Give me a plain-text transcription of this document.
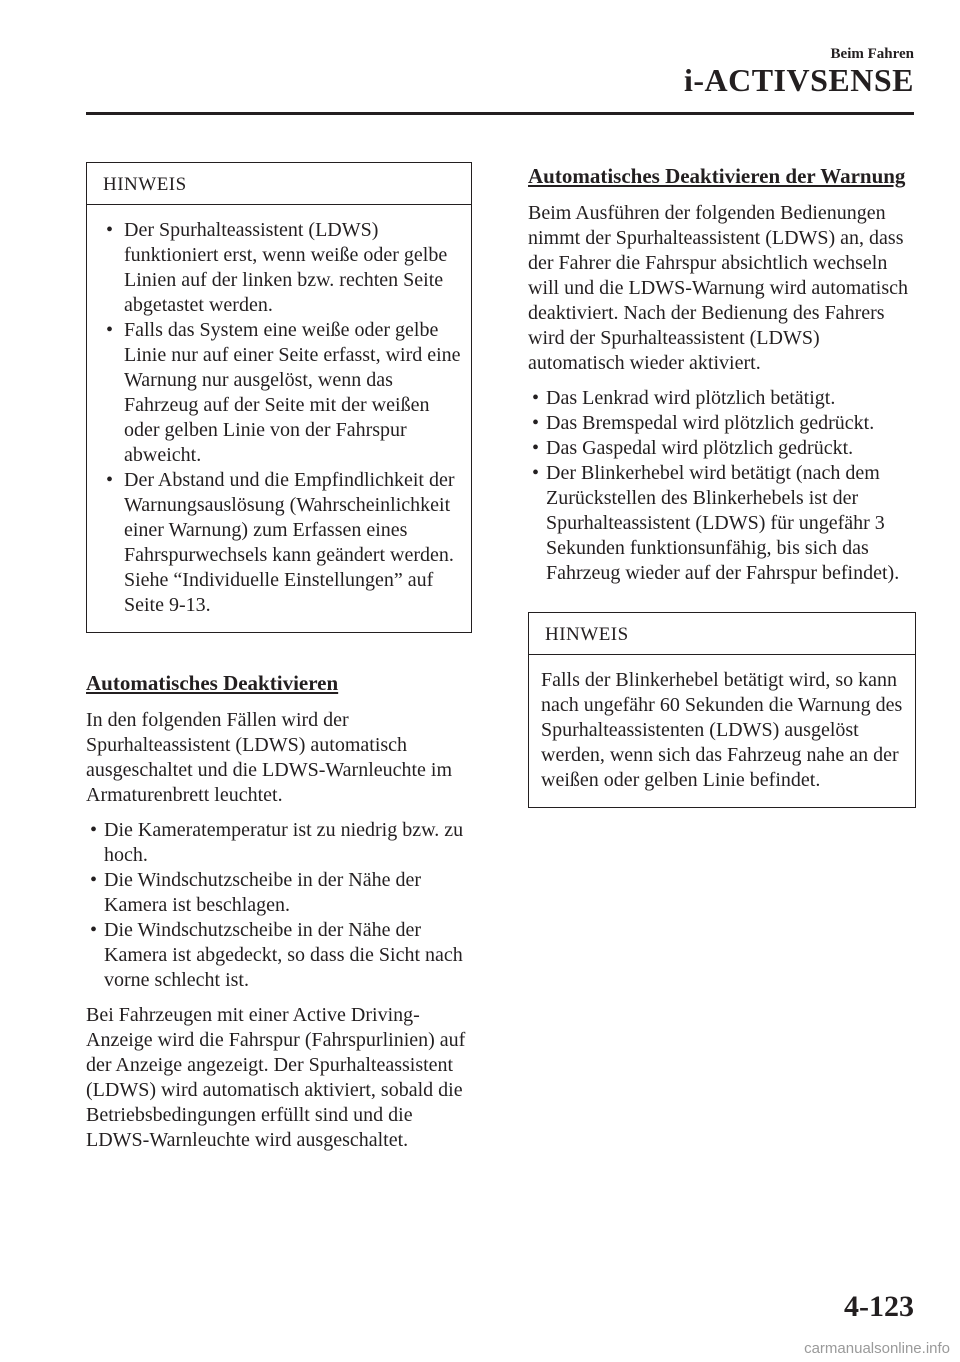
Beim Fahren

i-ACTIVSENSE
HINWEIS
• Der Spurhalteassistent (LDWS) funktioniert erst, wenn weiße oder gelbe Linien auf der linken bzw. rechten Seite abgetastet werden.
• Falls das System eine weiße oder gelbe Linie nur auf einer Seite erfasst, wird eine Warnung nur ausgelöst, wenn das Fahrzeug auf der Seite mit der weißen oder gelben Linie von der Fahrspur abweicht.
• Der Abstand und die Empfindlichkeit der Warnungsauslösung (Wahrscheinlichkeit einer Warnung) zum Erfassen eines Fahrspurwechsels kann geändert werden.
Siehe “Individuelle Einstellungen” auf Seite 9-13.
Automatisches Deaktivieren

In den folgenden Fällen wird der Spurhalteassistent (LDWS) automatisch ausgeschaltet und die LDWS-Warnleuchte im Armaturenbrett leuchtet.

• Die Kameratemperatur ist zu niedrig bzw. zu hoch.
• Die Windschutzscheibe in der Nähe der Kamera ist beschlagen.
• Die Windschutzscheibe in der Nähe der Kamera ist abgedeckt, so dass die Sicht nach vorne schlecht ist.

Bei Fahrzeugen mit einer Active Driving-Anzeige wird die Fahrspur (Fahrspurlinien) auf der Anzeige angezeigt. Der Spurhalteassistent (LDWS) wird automatisch aktiviert, sobald die Betriebsbedingungen erfüllt sind und die LDWS-Warnleuchte wird ausgeschaltet.

Automatisches Deaktivieren der Warnung

Beim Ausführen der folgenden Bedienungen nimmt der Spurhalteassistent (LDWS) an, dass der Fahrer die Fahrspur absichtlich wechseln will und die LDWS-Warnung wird automatisch deaktiviert. Nach der Bedienung des Fahrers wird der Spurhalteassistent (LDWS) automatisch wieder aktiviert.

• Das Lenkrad wird plötzlich betätigt.
• Das Bremspedal wird plötzlich gedrückt.
• Das Gaspedal wird plötzlich gedrückt.
• Der Blinkerhebel wird betätigt (nach dem Zurückstellen des Blinkerhebels ist der Spurhalteassistent (LDWS) für ungefähr 3 Sekunden funktionsunfähig, bis sich das Fahrzeug wieder auf der Fahrspur befindet).
HINWEIS

Falls der Blinkerhebel betätigt wird, so kann nach ungefähr 60 Sekunden die Warnung des Spurhalteassistenten (LDWS) ausgelöst werden, wenn sich das Fahrzeug nahe an der weißen oder gelben Linie befindet.

4-123

carmanualsonline.info
